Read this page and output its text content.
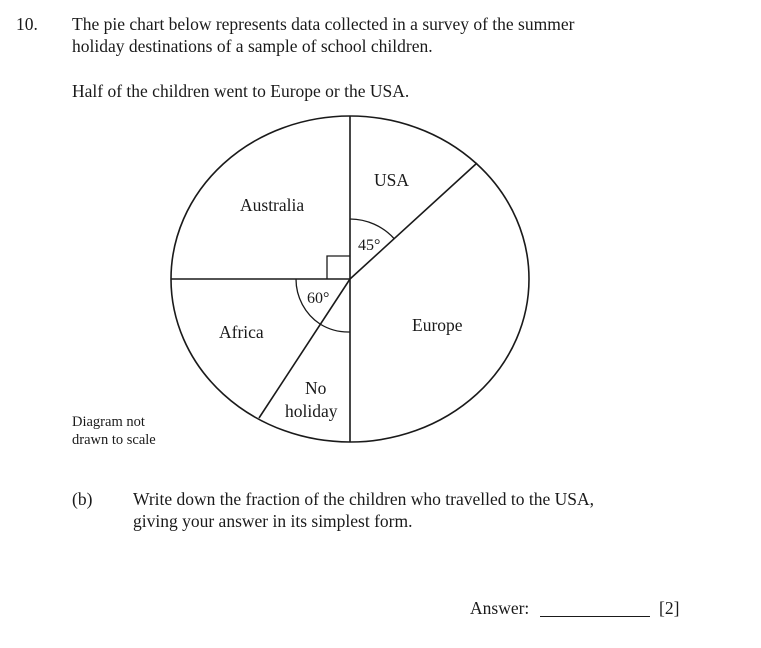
10. The pie chart below represents data collected in a survey of the summer
holiday destinations of a sample of school children.
Half of the children went to Europe or the USA.
USA
Australia
Europe
Africa
No
holiday
45°
60°
Diagram not
drawn to scale
(b) Write down the fraction of the children who travelled to the USA,
giving your answer in its simplest form.
Answer:	[2]
